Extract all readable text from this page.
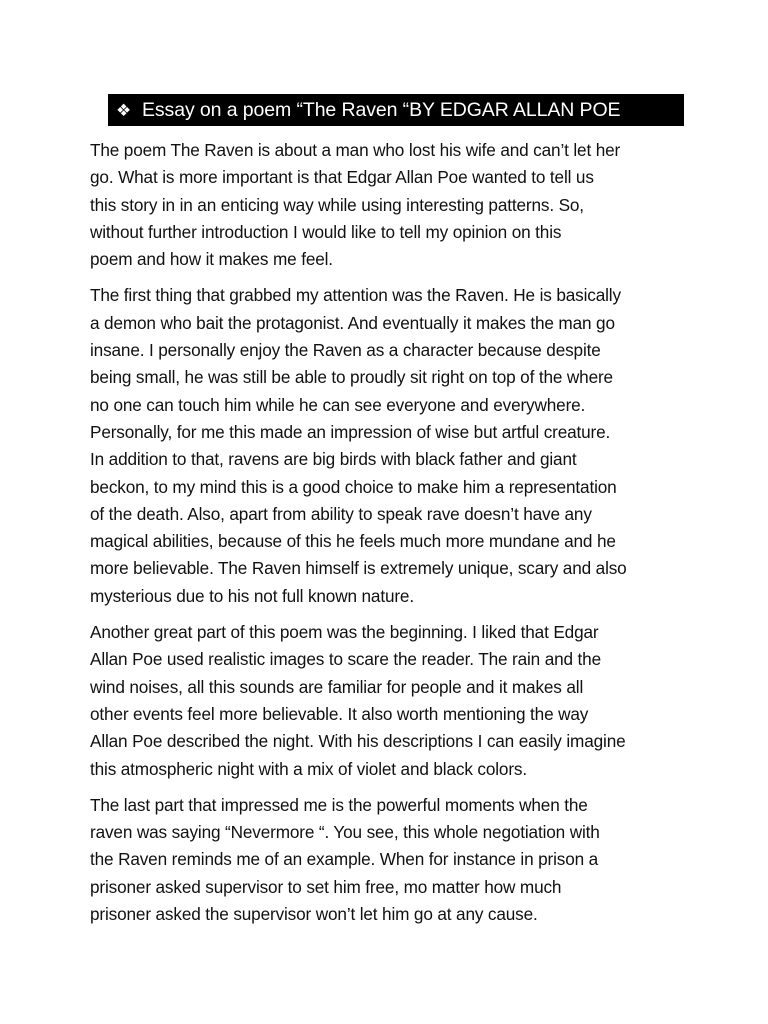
❖ Essay on a poem “The Raven “BY EDGAR ALLAN POE
The poem The Raven is about a man who lost his wife and can’t let her
go. What is more important is that Edgar Allan Poe wanted to tell us
this story in in an enticing way while using interesting patterns. So,
without further introduction I would like to tell my opinion on this
poem and how it makes me feel.
The first thing that grabbed my attention was the Raven. He is basically
a demon who bait the protagonist. And eventually it makes the man go
insane. I personally enjoy the Raven as a character because despite
being small, he was still be able to proudly sit right on top of the where
no one can touch him while he can see everyone and everywhere.
Personally, for me this made an impression of wise but artful creature.
In addition to that, ravens are big birds with black father and giant
beckon, to my mind this is a good choice to make him a representation
of the death. Also, apart from ability to speak rave doesn’t have any
magical abilities, because of this he feels much more mundane and he
more believable. The Raven himself is extremely unique, scary and also
mysterious due to his not full known nature.
Another great part of this poem was the beginning. I liked that Edgar
Allan Poe used realistic images to scare the reader. The rain and the
wind noises, all this sounds are familiar for people and it makes all
other events feel more believable. It also worth mentioning the way
Allan Poe described the night. With his descriptions I can easily imagine
this atmospheric night with a mix of violet and black colors.
The last part that impressed me is the powerful moments when the
raven was saying “Nevermore “. You see, this whole negotiation with
the Raven reminds me of an example. When for instance in prison a
prisoner asked supervisor to set him free, mo matter how much
prisoner asked the supervisor won’t let him go at any cause.
